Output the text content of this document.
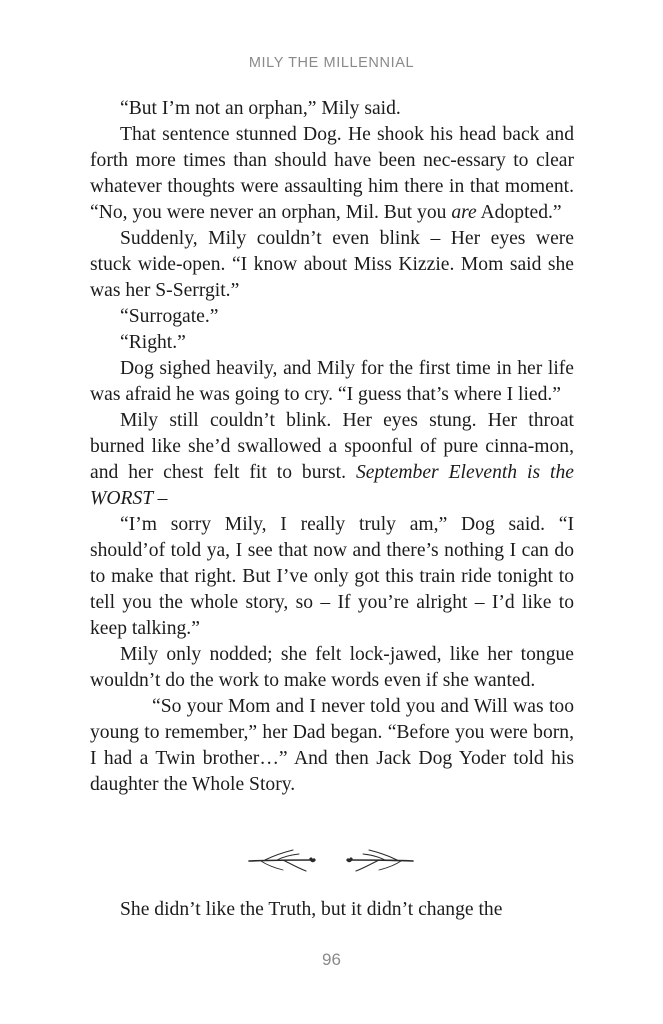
MILY THE MILLENNIAL

“But I’m not an orphan,” Mily said.

That sentence stunned Dog. He shook his head back and forth more times than should have been nec-essary to clear whatever thoughts were assaulting him there in that moment. “No, you were never an orphan, Mil. But you are Adopted.”

Suddenly, Mily couldn’t even blink – Her eyes were stuck wide-open. “I know about Miss Kizzie. Mom said she was her S-Serrgit.”

“Surrogate.”

“Right.”

Dog sighed heavily, and Mily for the first time in her life was afraid he was going to cry. “I guess that’s where I lied.”

Mily still couldn’t blink. Her eyes stung. Her throat burned like she’d swallowed a spoonful of pure cinna-mon, and her chest felt fit to burst. September Eleventh is the WORST –

“I’m sorry Mily, I really truly am,” Dog said. “I should’of told ya, I see that now and there’s nothing I can do to make that right. But I’ve only got this train ride tonight to tell you the whole story, so – If you’re alright – I’d like to keep talking.”

Mily only nodded; she felt lock-jawed, like her tongue wouldn’t do the work to make words even if she wanted.

“So your Mom and I never told you and Will was too young to remember,” her Dad began. “Before you were born, I had a Twin brother…” And then Jack Dog Yoder told his daughter the Whole Story.

She didn’t like the Truth, but it didn’t change the

96
